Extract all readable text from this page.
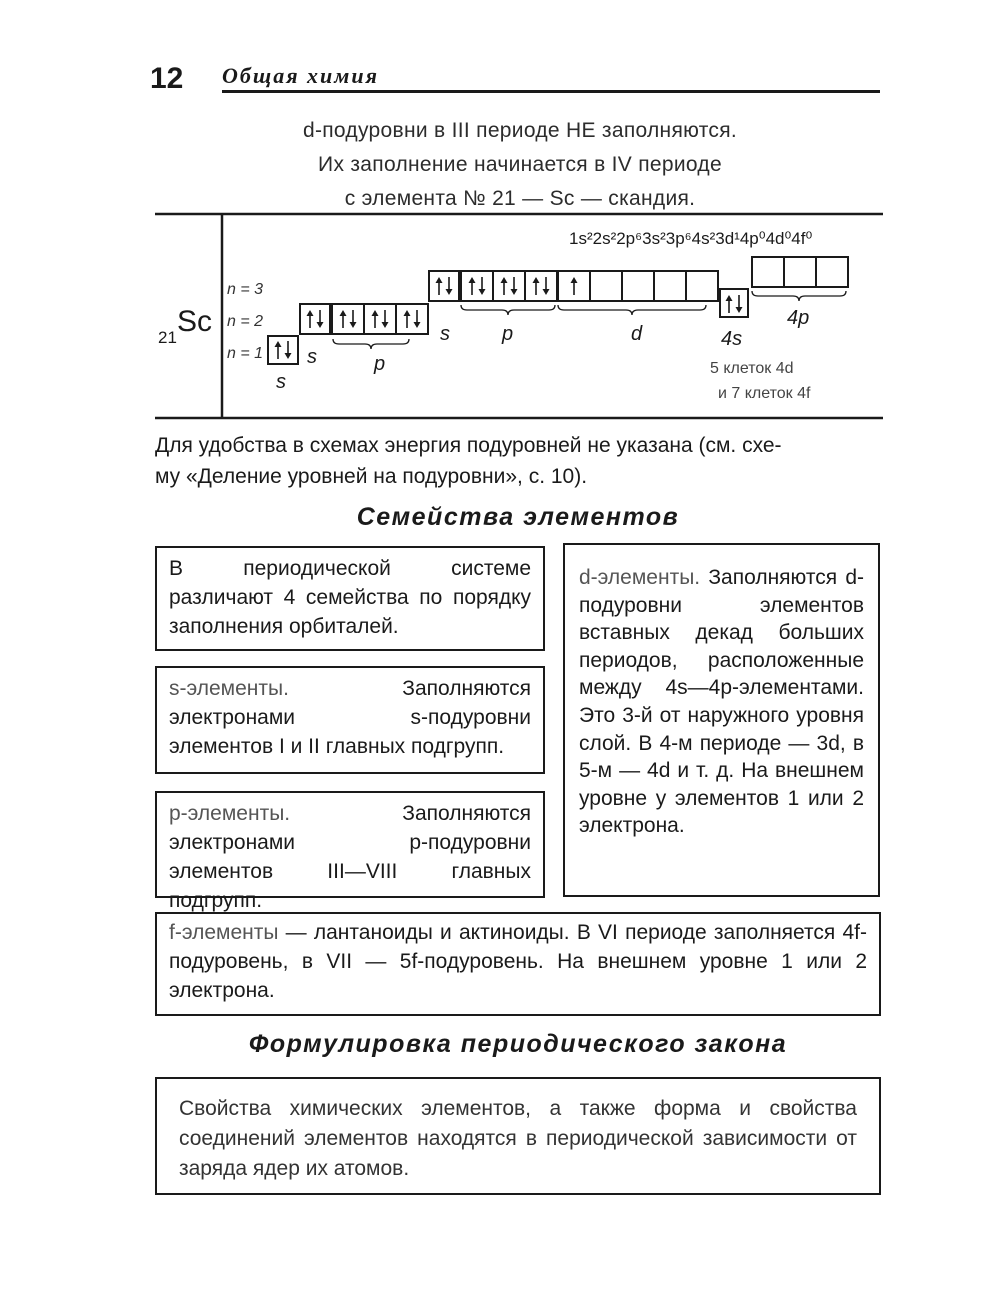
12 Общая химия
d-подуровни в III периоде НЕ заполняются.
Их заполнение начинается в IV периоде
с элемента № 21 — Sc — скандия.
21 Sc
1s²2s²2p⁶3s²3p⁶4s²3d¹4p⁰4d⁰4f⁰
n = 3
n = 2
n = 1
s
s	p
s	p	d	4s
4p
5 клеток 4d
и 7 клеток 4f

Для удобства в схемах энергия подуровней не указана (см. схе-

му «Деление уровней на подуровни», с. 10).

Семейства элементов

В периодической системе различают 4 семейства по порядку заполнения орбиталей.

s-элементы. Заполняются электронами s-подуровни элементов I и II главных подгрупп.

p-элементы. Заполняются электронами p-подуровни элементов III—VIII главных подгрупп.

d-элементы. Заполняются d-подуровни элементов вставных декад больших периодов, расположенные между 4s—4p-элементами. Это 3-й от наружного уровня слой. В 4-м периоде — 3d, в 5-м — 4d и т. д. На внешнем уровне у элементов 1 или 2 электрона.

f-элементы — лантаноиды и актиноиды. В VI периоде заполняется 4f-подуровень, в VII — 5f-подуровень. На внешнем уровне 1 или 2 электрона.

Формулировка периодического закона

Свойства химических элементов, а также форма и свойства соединений элементов находятся в периодической зависимости от заряда ядер их атомов.
